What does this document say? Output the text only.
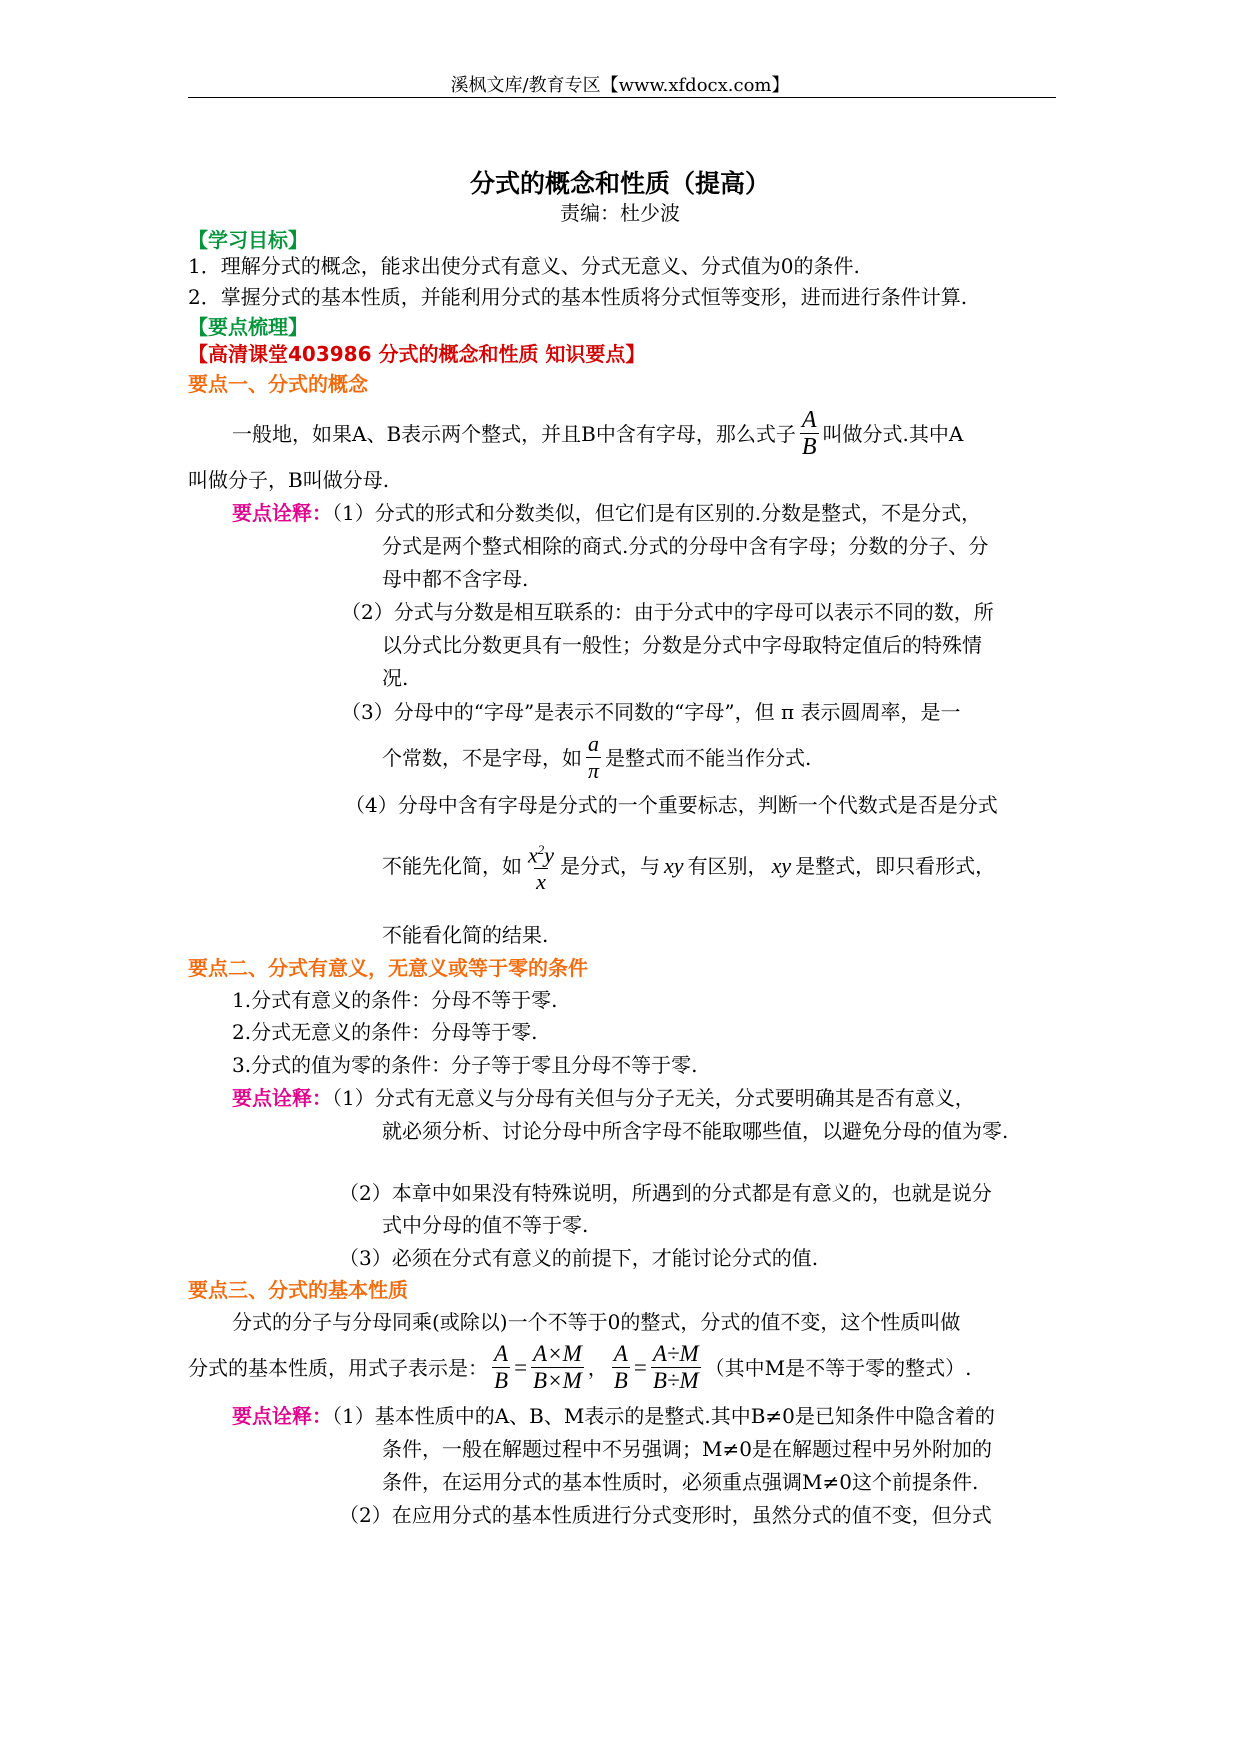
溪枫文库/教育专区【www.xfdocx.com】
分式的概念和性质（提高）
责编：杜少波
【学习目标】
1．理解分式的概念，能求出使分式有意义、分式无意义、分式值为0的条件.
2．掌握分式的基本性质，并能利用分式的基本性质将分式恒等变形，进而进行条件计算.
【要点梳理】
【高清课堂403986 分式的概念和性质 知识要点】
要点一、分式的概念
一般地，如果A、B表示两个整式，并且B中含有字母，那么式子 $\frac{A}{B}$ 叫做分式.其中A
叫做分子，B叫做分母.
要点诠释：（1）分式的形式和分数类似，但它们是有区别的.分数是整式，不是分式，
分式是两个整式相除的商式.分式的分母中含有字母；分数的分子、分
母中都不含字母.
（2）分式与分数是相互联系的：由于分式中的字母可以表示不同的数，所
以分式比分数更具有一般性；分数是分式中字母取特定值后的特殊情
况.
（3）分母中的“字母”是表示不同数的“字母”，但 π 表示圆周率，是一
个常数，不是字母，如 $\frac{a}{\pi}$ 是整式而不能当作分式.
（4）分母中含有字母是分式的一个重要标志，判断一个代数式是否是分式
不能先化简，如 $\frac{x^2y}{x}$ 是分式，与 xy 有区别， xy 是整式，即只看形式，
不能看化简的结果.
要点二、分式有意义，无意义或等于零的条件
1.分式有意义的条件：分母不等于零.
2.分式无意义的条件：分母等于零.
3.分式的值为零的条件：分子等于零且分母不等于零.
要点诠释：（1）分式有无意义与分母有关但与分子无关，分式要明确其是否有意义，
就必须分析、讨论分母中所含字母不能取哪些值，以避免分母的值为零.
（2）本章中如果没有特殊说明，所遇到的分式都是有意义的，也就是说分
式中分母的值不等于零.
（3）必须在分式有意义的前提下，才能讨论分式的值.
要点三、分式的基本性质
分式的分子与分母同乘(或除以)一个不等于0的整式，分式的值不变，这个性质叫做
分式的基本性质，用式子表示是： $\frac{A}{B} = \frac{A\times M}{B\times M}$ ， $\frac{A}{B} = \frac{A\div M}{B\div M}$ （其中M是不等于零的整式）.
要点诠释：（1）基本性质中的A、B、M表示的是整式.其中B≠0是已知条件中隐含着的
条件，一般在解题过程中不另强调；M≠0是在解题过程中另外附加的
条件，在运用分式的基本性质时，必须重点强调M≠0这个前提条件.
（2）在应用分式的基本性质进行分式变形时，虽然分式的值不变，但分式
